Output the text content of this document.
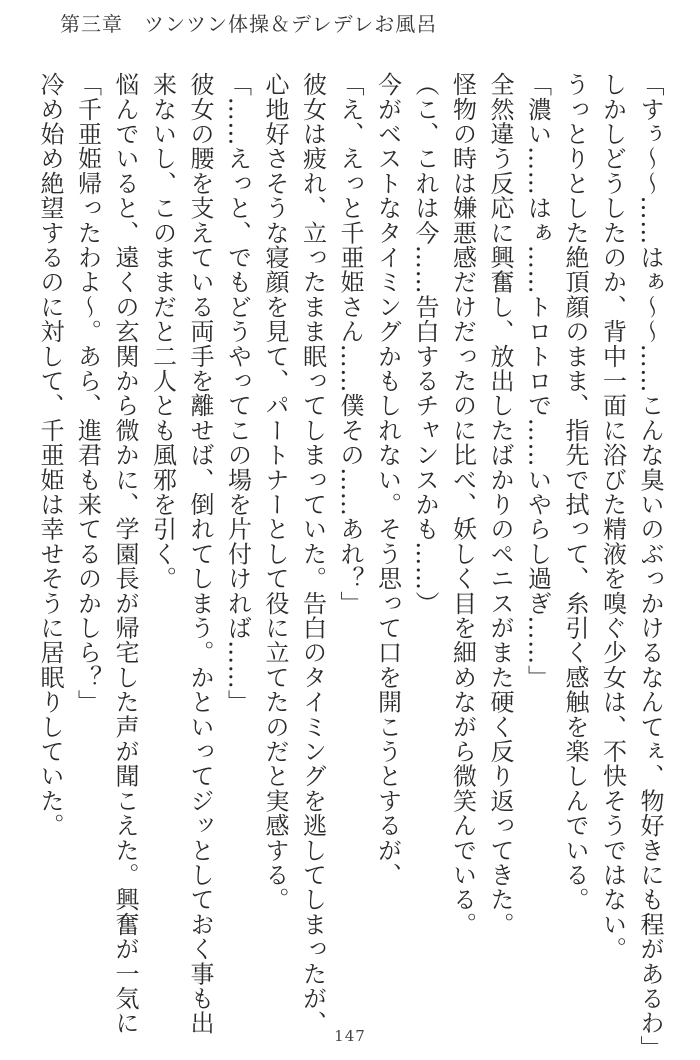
第三章　ツンツン体操＆デレデレお風呂
「すぅ〜〜……はぁ〜〜……こんな臭いのぶっかけるなんてぇ、物好きにも程があるわ」
しかしどうしたのか、背中一面に浴びた精液を嗅ぐ少女は、不快そうではない。
うっとりとした絶頂顔のまま、指先で拭って、糸引く感触を楽しんでいる。
「濃い……はぁ……トロトロで……いやらし過ぎ……」
全然違う反応に興奮し、放出したばかりのペニスがまた硬く反り返ってきた。
怪物の時は嫌悪感だけだったのに比べ、妖しく目を細めながら微笑んでいる。
（こ、これは今……告白するチャンスかも……）
今がベストなタイミングかもしれない。そう思って口を開こうとするが、
「え、えっと千亜姫さん……僕その……あれ？」
彼女は疲れ、立ったまま眠ってしまっていた。告白のタイミングを逃してしまったが、
心地好さそうな寝顔を見て、パートナーとして役に立てたのだと実感する。
「……えっと、でもどうやってこの場を片付ければ……」
彼女の腰を支えている両手を離せば、倒れてしまう。かといってジッとしておく事も出
来ないし、このままだと二人とも風邪を引く。
悩んでいると、遠くの玄関から微かに、学園長が帰宅した声が聞こえた。興奮が一気に
「千亜姫帰ったわよ〜。あら、進君も来てるのかしら？」
冷め始め絶望するのに対して、千亜姫は幸せそうに居眠りしていた。
147
